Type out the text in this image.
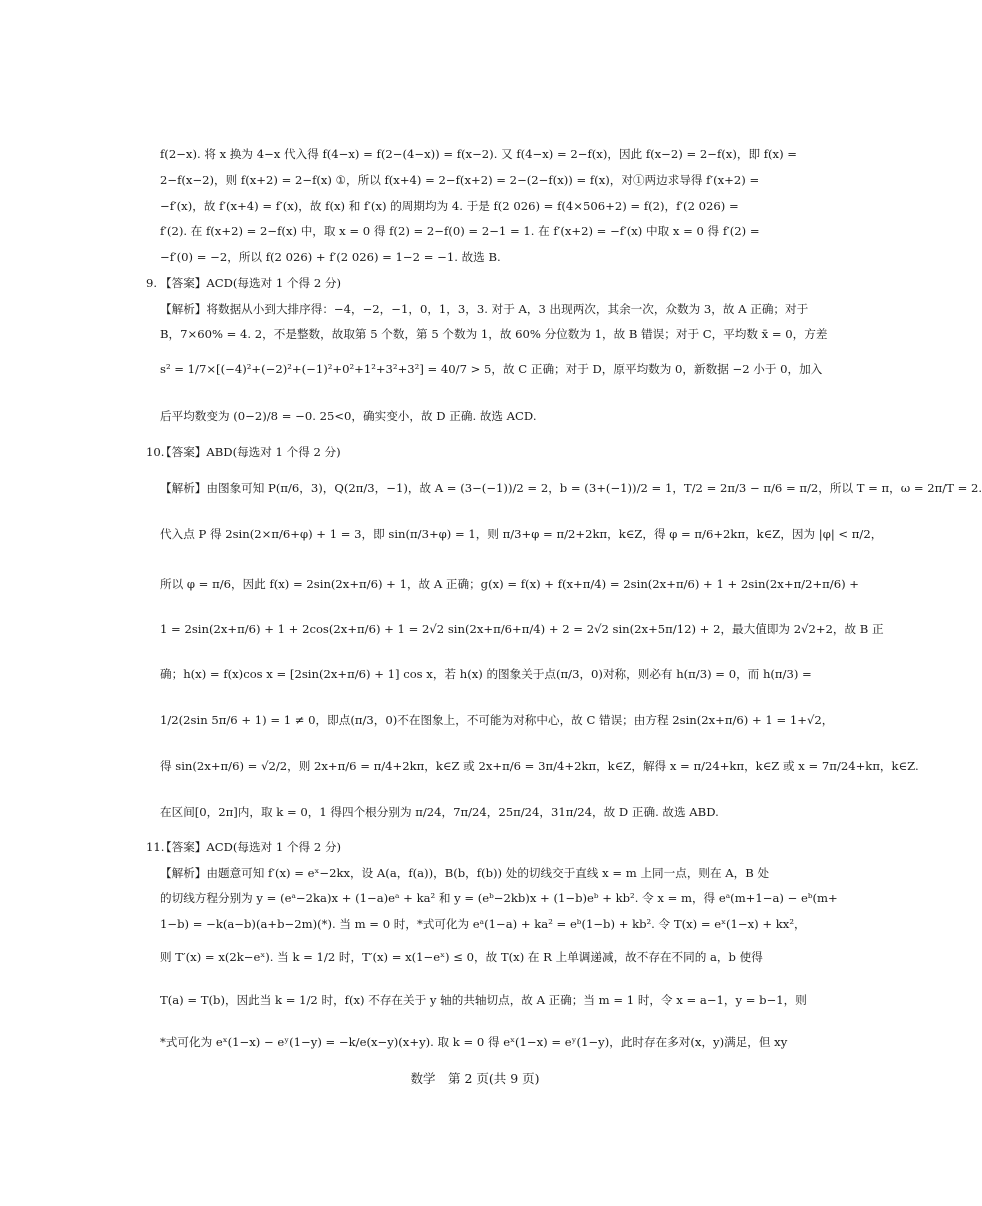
f(2−x). 将 x 换为 4−x 代入得 f(4−x) = f(2−(4−x)) = f(x−2). 又 f(4−x) = 2−f(x)，因此 f(x−2) = 2−f(x)，即 f(x) =
2−f(x−2)，则 f(x+2) = 2−f(x) ①，所以 f(x+4) = 2−f(x+2) = 2−(2−f(x)) = f(x)，对①两边求导得 f′(x+2) =
−f′(x)，故 f′(x+4) = f′(x)，故 f(x) 和 f′(x) 的周期均为 4. 于是 f(2 026) = f(4×506+2) = f(2)，f′(2 026) =
f′(2). 在 f(x+2) = 2−f(x) 中，取 x = 0 得 f(2) = 2−f(0) = 2−1 = 1. 在 f′(x+2) = −f′(x) 中取 x = 0 得 f′(2) =
−f′(0) = −2，所以 f(2 026) + f′(2 026) = 1−2 = −1. 故选 B.
9. 【答案】ACD(每选对 1 个得 2 分)
【解析】将数据从小到大排序得：−4，−2，−1，0，1，3，3. 对于 A，3 出现两次，其余一次，众数为 3，故 A 正确；对于
B，7×60% = 4. 2，不是整数，故取第 5 个数，第 5 个数为 1，故 60% 分位数为 1，故 B 错误；对于 C，平均数 x̄ = 0，方差
s² = 1/7×[(−4)²+(−2)²+(−1)²+0²+1²+3²+3²] = 40/7 > 5，故 C 正确；对于 D，原平均数为 0，新数据 −2 小于 0，加入
后平均数变为 (0−2)/8 = −0. 25<0，确实变小，故 D 正确. 故选 ACD.
10.
【答案】ABD(每选对 1 个得 2 分)
【解析】由图象可知 P(π/6，3)，Q(2π/3，−1)，故 A = (3−(−1))/2 = 2，b = (3+(−1))/2 = 1，T/2 = 2π/3 − π/6 = π/2，所以 T = π，ω = 2π/T = 2.
代入点 P 得 2sin(2×π/6+φ) + 1 = 3，即 sin(π/3+φ) = 1，则 π/3+φ = π/2+2kπ，k∈Z，得 φ = π/6+2kπ，k∈Z，因为 |φ| < π/2，
所以 φ = π/6，因此 f(x) = 2sin(2x+π/6) + 1，故 A 正确；g(x) = f(x) + f(x+π/4) = 2sin(2x+π/6) + 1 + 2sin(2x+π/2+π/6) +
1 = 2sin(2x+π/6) + 1 + 2cos(2x+π/6) + 1 = 2√2 sin(2x+π/6+π/4) + 2 = 2√2 sin(2x+5π/12) + 2，最大值即为 2√2+2，故 B 正
确；h(x) = f(x)cos x = [2sin(2x+π/6) + 1] cos x，若 h(x) 的图象关于点(π/3，0)对称，则必有 h(π/3) = 0，而 h(π/3) =
1/2(2sin 5π/6 + 1) = 1 ≠ 0，即点(π/3，0)不在图象上，不可能为对称中心，故 C 错误；由方程 2sin(2x+π/6) + 1 = 1+√2，
得 sin(2x+π/6) = √2/2，则 2x+π/6 = π/4+2kπ，k∈Z 或 2x+π/6 = 3π/4+2kπ，k∈Z，解得 x = π/24+kπ，k∈Z 或 x = 7π/24+kπ，k∈Z.
在区间[0，2π]内，取 k = 0，1 得四个根分别为 π/24，7π/24，25π/24，31π/24，故 D 正确. 故选 ABD.
11.
【答案】ACD(每选对 1 个得 2 分)
【解析】由题意可知 f′(x) = eˣ−2kx，设 A(a，f(a))，B(b，f(b)) 处的切线交于直线 x = m 上同一点，则在 A，B 处
的切线方程分别为 y = (eᵃ−2ka)x + (1−a)eᵃ + ka² 和 y = (eᵇ−2kb)x + (1−b)eᵇ + kb². 令 x = m，得 eᵃ(m+1−a) − eᵇ(m+
1−b) = −k(a−b)(a+b−2m)(*). 当 m = 0 时，*式可化为 eᵃ(1−a) + ka² = eᵇ(1−b) + kb². 令 T(x) = eˣ(1−x) + kx²，
则 T′(x) = x(2k−eˣ). 当 k = 1/2 时，T′(x) = x(1−eˣ) ≤ 0，故 T(x) 在 R 上单调递减，故不存在不同的 a，b 使得
T(a) = T(b)，因此当 k = 1/2 时，f(x) 不存在关于 y 轴的共轴切点，故 A 正确；当 m = 1 时，令 x = a−1，y = b−1，则
*式可化为 eˣ(1−x) − eʸ(1−y) = −k/e(x−y)(x+y). 取 k = 0 得 eˣ(1−x) = eʸ(1−y)，此时存在多对(x，y)满足，但 xy
数学　第 2 页(共 9 页)
